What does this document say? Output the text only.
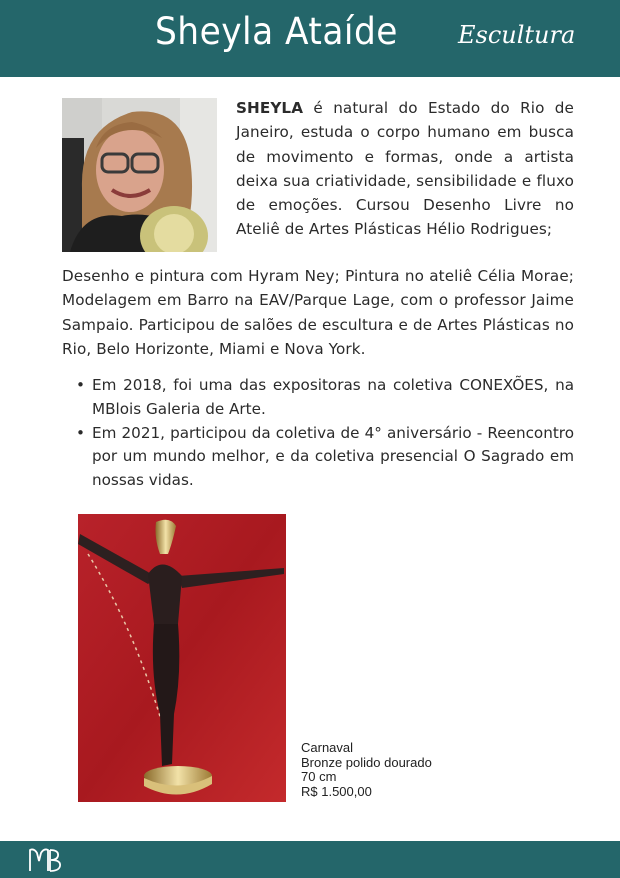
Sheyla Ataíde	Escultura

SHEYLA é natural do Estado do Rio de Janeiro, estuda o corpo humano em busca de movimento e formas, onde a artista deixa sua criatividade, sensibilidade e fluxo de emoções. Cursou Desenho Livre no Ateliê de Artes Plásticas Hélio Rodrigues;

Desenho e pintura com Hyram Ney; Pintura no ateliê Célia Morae; Modelagem em Barro na EAV/Parque Lage, com o professor Jaime Sampaio. Participou de salões de escultura e de Artes Plásticas no Rio, Belo Horizonte, Miami e Nova York.

• Em 2018, foi uma das expositoras na coletiva CONEXÕES, na MBlois Galeria de Arte.
• Em 2021, participou da coletiva de 4° aniversário - Reencontro por um mundo melhor, e da coletiva presencial O Sagrado em nossas vidas.
Carnaval
Bronze polido dourado
70 cm
R$ 1.500,00
